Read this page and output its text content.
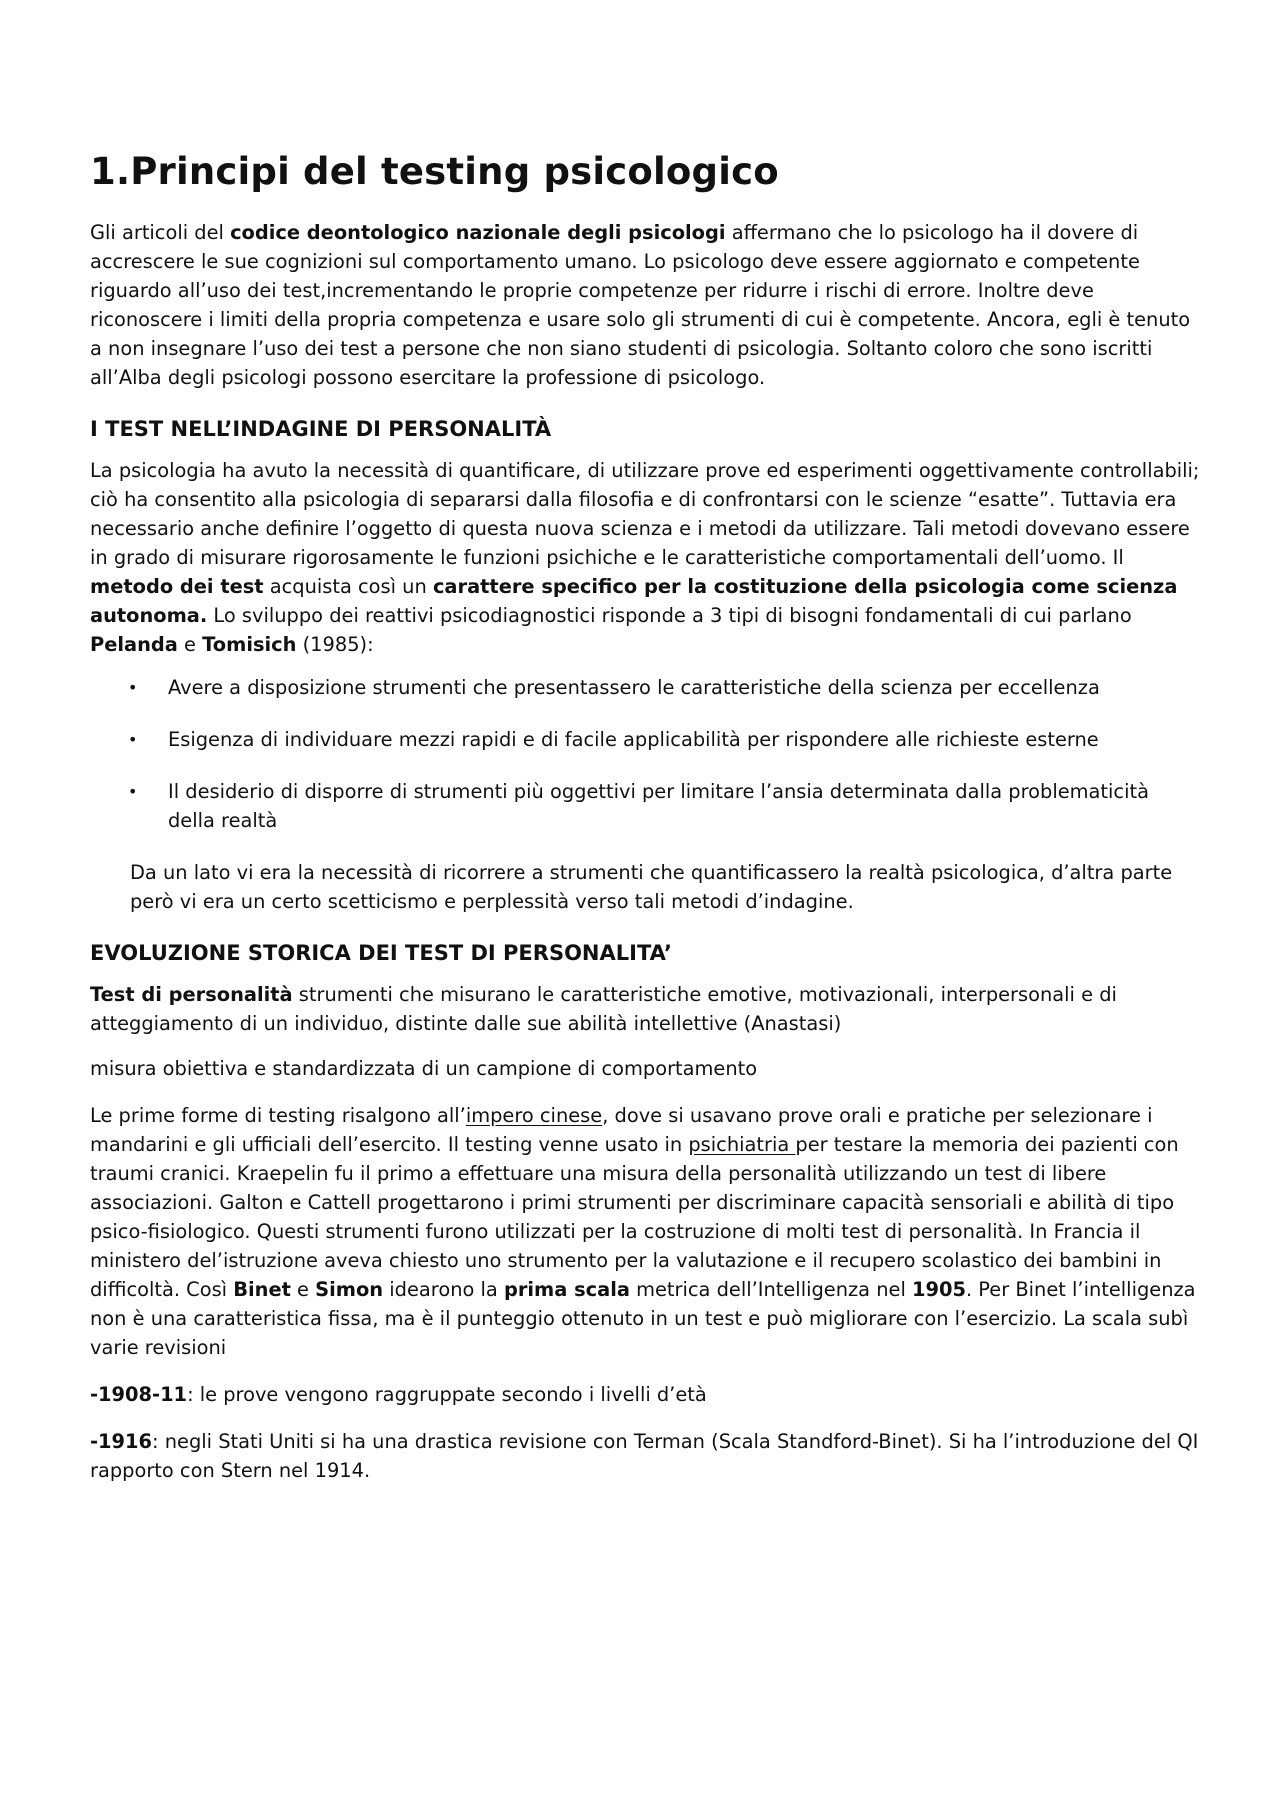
1.Principi del testing psicologico

Gli articoli del codice deontologico nazionale degli psicologi affermano che lo psicologo ha il dovere di accrescere le sue cognizioni sul comportamento umano. Lo psicologo deve essere aggiornato e competente riguardo all’uso dei test,incrementando le proprie competenze per ridurre i rischi di errore. Inoltre deve riconoscere i limiti della propria competenza e usare solo gli strumenti di cui è competente. Ancora, egli è tenuto a non insegnare l’uso dei test a persone che non siano studenti di psicologia. Soltanto coloro che sono iscritti all’Alba degli psicologi possono esercitare la professione di psicologo.

I TEST NELL’INDAGINE DI PERSONALITÀ

La psicologia ha avuto la necessità di quantificare, di utilizzare prove ed esperimenti oggettivamente controllabili; ciò ha consentito alla psicologia di separarsi dalla filosofia e di confrontarsi con le scienze “esatte”. Tuttavia era necessario anche definire l’oggetto di questa nuova scienza e i metodi da utilizzare. Tali metodi dovevano essere in grado di misurare rigorosamente le funzioni psichiche e le caratteristiche comportamentali dell’uomo. Il metodo dei test acquista così un carattere specifico per la costituzione della psicologia come scienza autonoma. Lo sviluppo dei reattivi psicodiagnostici risponde a 3 tipi di bisogni fondamentali di cui parlano Pelanda e Tomisich (1985):

• Avere a disposizione strumenti che presentassero le caratteristiche della scienza per eccellenza
• Esigenza di individuare mezzi rapidi e di facile applicabilità per rispondere alle richieste esterne
• Il desiderio di disporre di strumenti più oggettivi per limitare l’ansia determinata dalla problematicità della realtà

Da un lato vi era la necessità di ricorrere a strumenti che quantificassero la realtà psicologica, d’altra parte però vi era un certo scetticismo e perplessità verso tali metodi d’indagine.

EVOLUZIONE STORICA DEI TEST DI PERSONALITA’

Test di personalità strumenti che misurano le caratteristiche emotive, motivazionali, interpersonali e di atteggiamento di un individuo, distinte dalle sue abilità intellettive (Anastasi)

misura obiettiva e standardizzata di un campione di comportamento

Le prime forme di testing risalgono all’impero cinese, dove si usavano prove orali e pratiche per selezionare i mandarini e gli ufficiali dell’esercito. Il testing venne usato in psichiatria per testare la memoria dei pazienti con traumi cranici. Kraepelin fu il primo a effettuare una misura della personalità utilizzando un test di libere associazioni. Galton e Cattell progettarono i primi strumenti per discriminare capacità sensoriali e abilità di tipo psico-fisiologico. Questi strumenti furono utilizzati per la costruzione di molti test di personalità. In Francia il ministero del’istruzione aveva chiesto uno strumento per la valutazione e il recupero scolastico dei bambini in difficoltà. Così Binet e Simon idearono la prima scala metrica dell’Intelligenza nel 1905. Per Binet l’intelligenza non è una caratteristica fissa, ma è il punteggio ottenuto in un test e può migliorare con l’esercizio. La scala subì varie revisioni

-1908-11: le prove vengono raggruppate secondo i livelli d’età

-1916: negli Stati Uniti si ha una drastica revisione con Terman (Scala Standford-Binet). Si ha l’introduzione del QI rapporto con Stern nel 1914.
